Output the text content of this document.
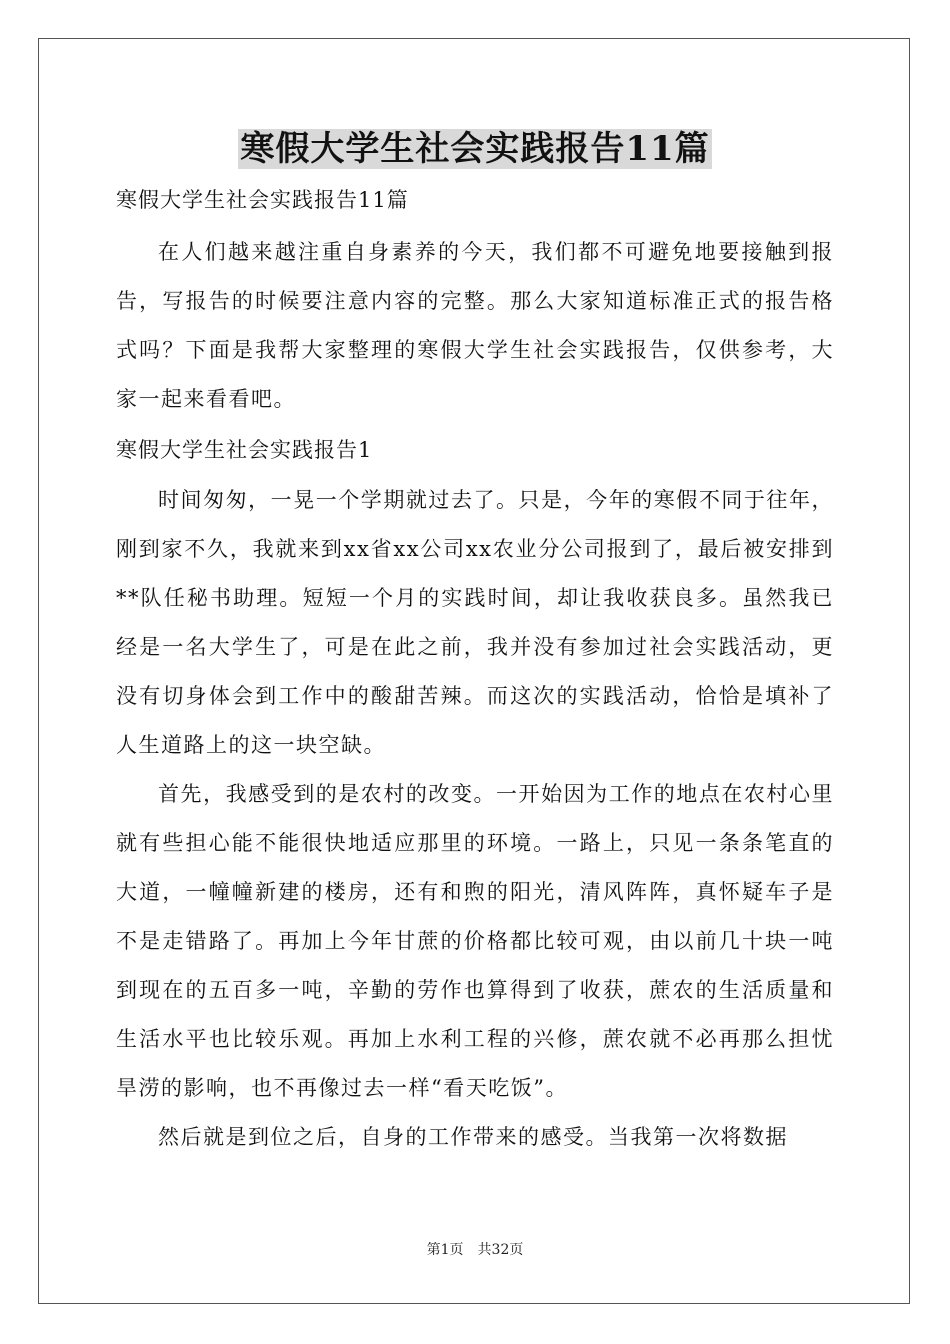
寒假大学生社会实践报告11篇

寒假大学生社会实践报告11篇

在人们越来越注重自身素养的今天，我们都不可避免地要接触到报告，写报告的时候要注意内容的完整。那么大家知道标准正式的报告格式吗？下面是我帮大家整理的寒假大学生社会实践报告，仅供参考，大家一起来看看吧。

寒假大学生社会实践报告1

时间匆匆，一晃一个学期就过去了。只是，今年的寒假不同于往年，刚到家不久，我就来到xx省xx公司xx农业分公司报到了，最后被安排到**队任秘书助理。短短一个月的实践时间，却让我收获良多。虽然我已经是一名大学生了，可是在此之前，我并没有参加过社会实践活动，更没有切身体会到工作中的酸甜苦辣。而这次的实践活动，恰恰是填补了人生道路上的这一块空缺。

首先，我感受到的是农村的改变。一开始因为工作的地点在农村心里就有些担心能不能很快地适应那里的环境。一路上，只见一条条笔直的大道，一幢幢新建的楼房，还有和煦的阳光，清风阵阵，真怀疑车子是不是走错路了。再加上今年甘蔗的价格都比较可观，由以前几十块一吨到现在的五百多一吨，辛勤的劳作也算得到了收获，蔗农的生活质量和生活水平也比较乐观。再加上水利工程的兴修，蔗农就不必再那么担忧旱涝的影响，也不再像过去一样“看天吃饭”。

然后就是到位之后，自身的工作带来的感受。当我第一次将数据

第1页　共32页
